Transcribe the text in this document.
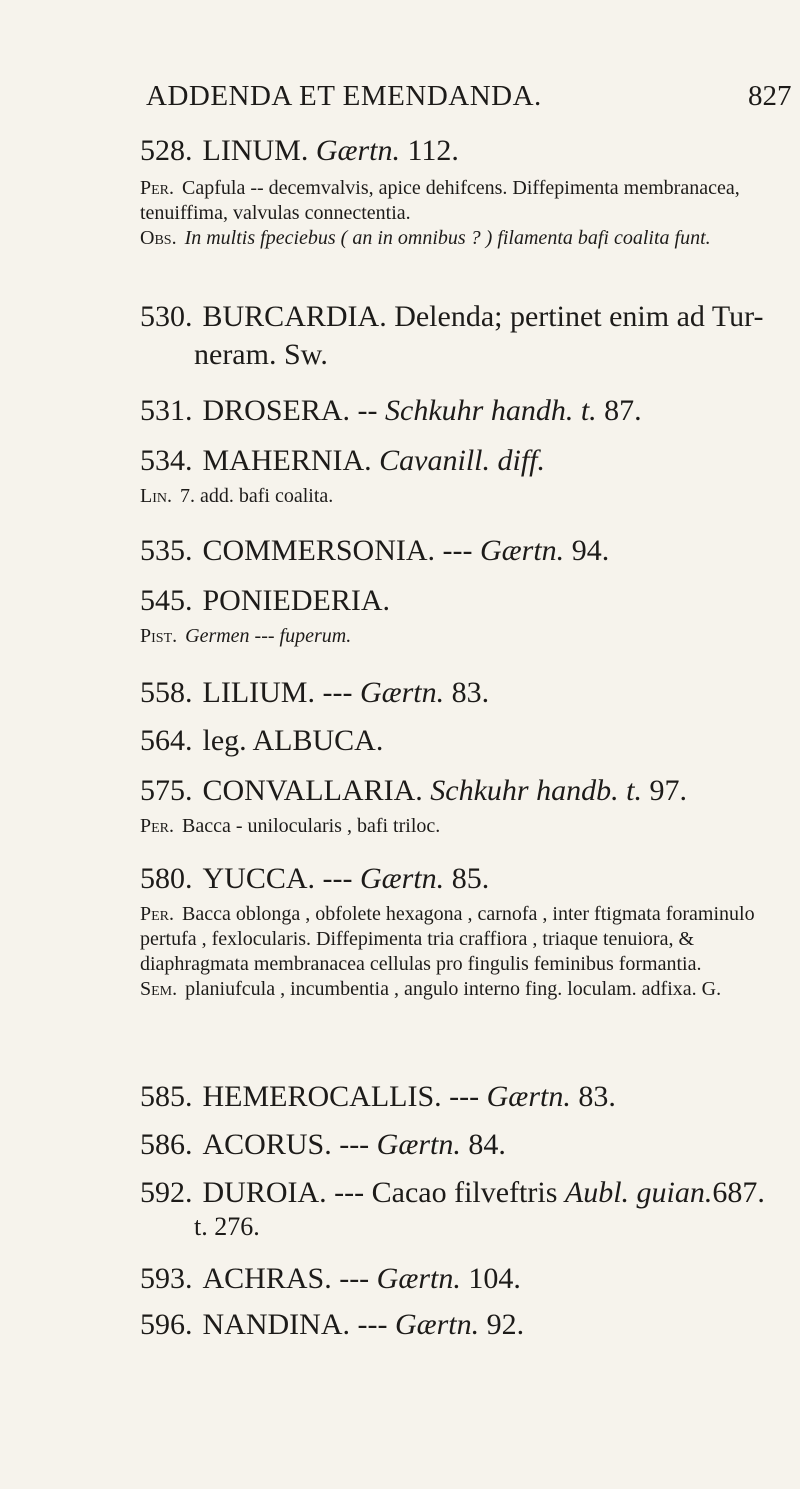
ADDENDA ET EMENDANDA.	827
528. LINUM. Gærtn. 112.
Per. Capfula -- decemvalvis, apice dehifcens. Diffepimenta membranacea, tenuiffima, valvulas connectentia.
Obs. In multis fpeciebus ( an in omnibus ? ) filamenta bafi coalita funt.
530. BURCARDIA. Delenda; pertinet enim ad Tur-
neram. Sw.
531. DROSERA. -- Schkuhr handh. t. 87.
534. MAHERNIA. Cavanill. diff.
Lin. 7. add. bafi coalita.
535. COMMERSONIA. --- Gærtn. 94.
545. PONIEDERIA.
Pist. Germen --- fuperum.
558. LILIUM. --- Gærtn. 83.
564. leg. ALBUCA.
575. CONVALLARIA. Schkuhr handb. t. 97.
Per. Bacca - unilocularis , bafi triloc.
580. YUCCA. --- Gærtn. 85.
Per. Bacca oblonga , obfolete hexagona , carnofa , inter ftigmata foraminulo pertufa , fexlocularis. Diffepimenta tria craffiora , triaque tenuiora, & diaphragmata membranacea cellulas pro fingulis feminibus formantia.
Sem. planiufcula , incumbentia , angulo interno fing. loculam. adfixa. G.
585. HEMEROCALLIS. --- Gærtn. 83.
586. ACORUS. --- Gærtn. 84.
592. DUROIA. --- Cacao filveftris Aubl. guian.687.
t. 276.
593. ACHRAS. --- Gærtn. 104.
596. NANDINA. --- Gærtn. 92.
